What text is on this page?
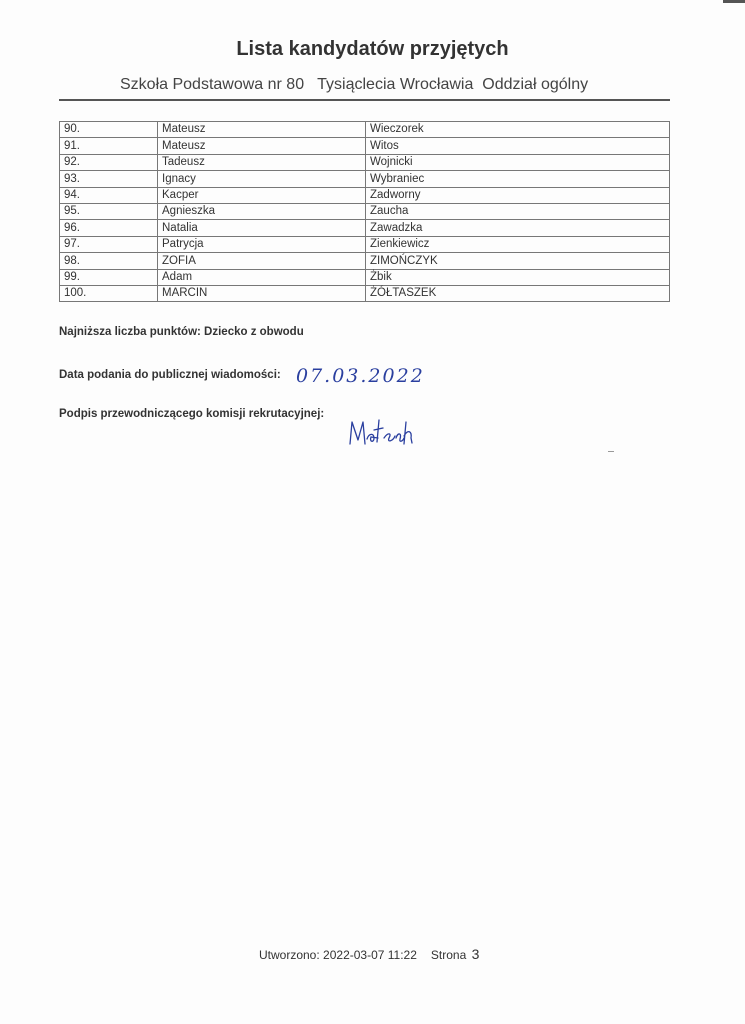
Lista kandydatów przyjętych
Szkoła Podstawowa nr 80 Tysiąclecia Wrocławia Oddział ogólny
90.	Mateusz	Wieczorek
91.	Mateusz	Witos
92.	Tadeusz	Wojnicki
93.	Ignacy	Wybraniec
94.	Kacper	Zadworny
95.	Agnieszka	Zaucha
96.	Natalia	Zawadzka
97.	Patrycja	Zienkiewicz
98.	ZOFIA	ZIMOŃCZYK
99.	Adam	Żbik
100.	MARCIN	ŻÓŁTASZEK
Najniższa liczba punktów: Dziecko z obwodu
Data podania do publicznej wiadomości: 07.03.2022
Podpis przewodniczącego komisji rekrutacyjnej:
Utworzono: 2022-03-07 11:22 Strona 3
